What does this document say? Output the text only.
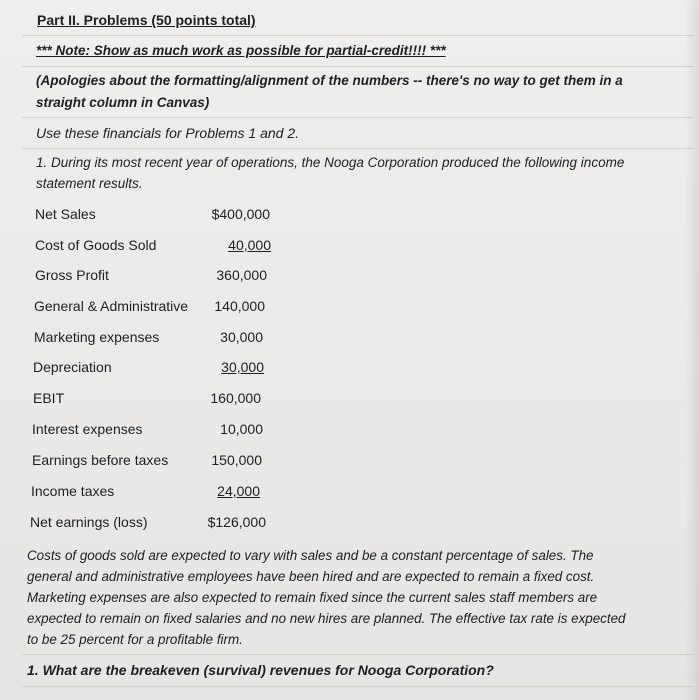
Part II. Problems (50 points total)
*** Note: Show as much work as possible for partial-credit!!!! ***
(Apologies about the formatting/alignment of the numbers -- there's no way to get them in a
straight column in Canvas)
Use these financials for Problems 1 and 2.
1. During its most recent year of operations, the Nooga Corporation produced the following income
statement results.
Net Sales	$400,000
Cost of Goods Sold	40,000
Gross Profit	360,000
General & Administrative	140,000
Marketing expenses	30,000
Depreciation	30,000
EBIT	160,000
Interest expenses	10,000
Earnings before taxes	150,000
Income taxes	24,000
Net earnings (loss)	$126,000
Costs of goods sold are expected to vary with sales and be a constant percentage of sales. The
general and administrative employees have been hired and are expected to remain a fixed cost.
Marketing expenses are also expected to remain fixed since the current sales staff members are
expected to remain on fixed salaries and no new hires are planned. The effective tax rate is expected
to be 25 percent for a profitable firm.
1. What are the breakeven (survival) revenues for Nooga Corporation?
